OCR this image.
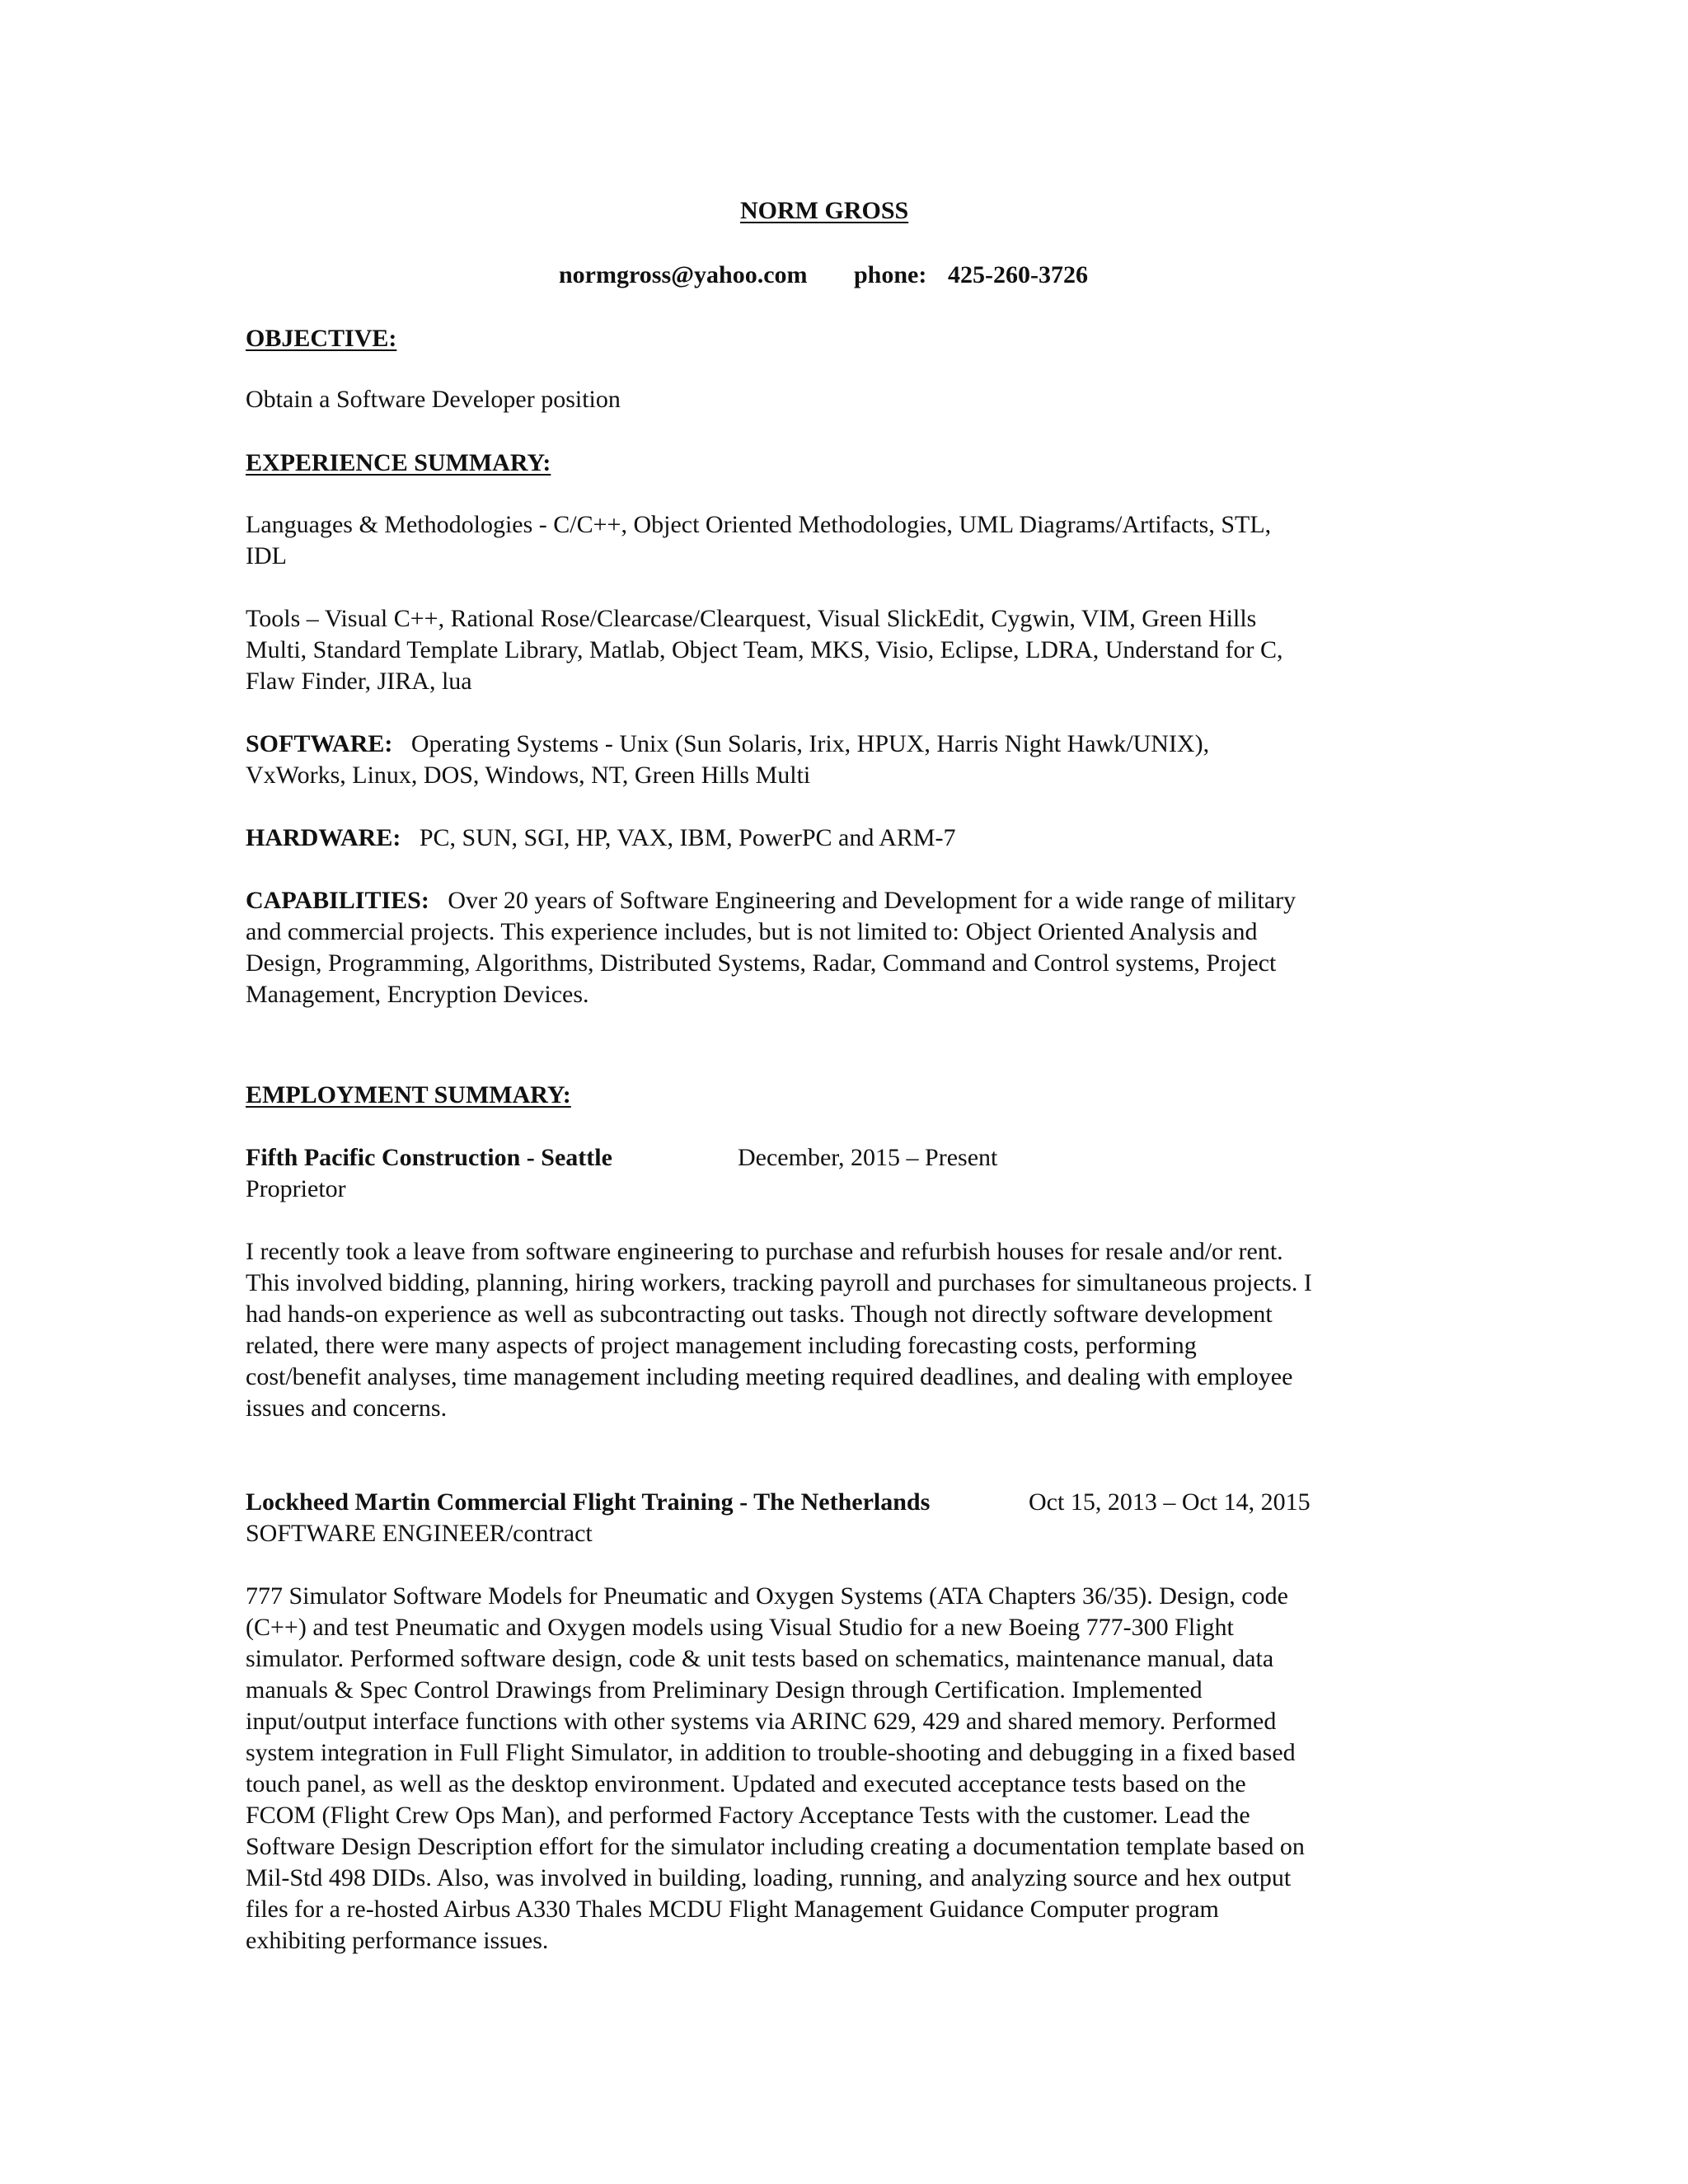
NORM GROSS
normgross@yahoo.com phone: 425-260-3726
OBJECTIVE:
Obtain a Software Developer position
EXPERIENCE SUMMARY:
Languages & Methodologies - C/C++, Object Oriented Methodologies, UML Diagrams/Artifacts, STL,
IDL
Tools – Visual C++, Rational Rose/Clearcase/Clearquest, Visual SlickEdit, Cygwin, VIM, Green Hills
Multi, Standard Template Library, Matlab, Object Team, MKS, Visio, Eclipse, LDRA, Understand for C,
Flaw Finder, JIRA, lua
SOFTWARE: Operating Systems - Unix (Sun Solaris, Irix, HPUX, Harris Night Hawk/UNIX),
VxWorks, Linux, DOS, Windows, NT, Green Hills Multi
HARDWARE: PC, SUN, SGI, HP, VAX, IBM, PowerPC and ARM-7
CAPABILITIES: Over 20 years of Software Engineering and Development for a wide range of military
and commercial projects. This experience includes, but is not limited to: Object Oriented Analysis and
Design, Programming, Algorithms, Distributed Systems, Radar, Command and Control systems, Project
Management, Encryption Devices.
EMPLOYMENT SUMMARY:
Fifth Pacific Construction - Seattle	December, 2015 – Present
Proprietor
I recently took a leave from software engineering to purchase and refurbish houses for resale and/or rent.
This involved bidding, planning, hiring workers, tracking payroll and purchases for simultaneous projects. I
had hands-on experience as well as subcontracting out tasks. Though not directly software development
related, there were many aspects of project management including forecasting costs, performing
cost/benefit analyses, time management including meeting required deadlines, and dealing with employee
issues and concerns.
Lockheed Martin Commercial Flight Training - The Netherlands	Oct 15, 2013 – Oct 14, 2015
SOFTWARE ENGINEER/contract
777 Simulator Software Models for Pneumatic and Oxygen Systems (ATA Chapters 36/35). Design, code
(C++) and test Pneumatic and Oxygen models using Visual Studio for a new Boeing 777-300 Flight
simulator. Performed software design, code & unit tests based on schematics, maintenance manual, data
manuals & Spec Control Drawings from Preliminary Design through Certification. Implemented
input/output interface functions with other systems via ARINC 629, 429 and shared memory. Performed
system integration in Full Flight Simulator, in addition to trouble-shooting and debugging in a fixed based
touch panel, as well as the desktop environment. Updated and executed acceptance tests based on the
FCOM (Flight Crew Ops Man), and performed Factory Acceptance Tests with the customer. Lead the
Software Design Description effort for the simulator including creating a documentation template based on
Mil-Std 498 DIDs. Also, was involved in building, loading, running, and analyzing source and hex output
files for a re-hosted Airbus A330 Thales MCDU Flight Management Guidance Computer program
exhibiting performance issues.
